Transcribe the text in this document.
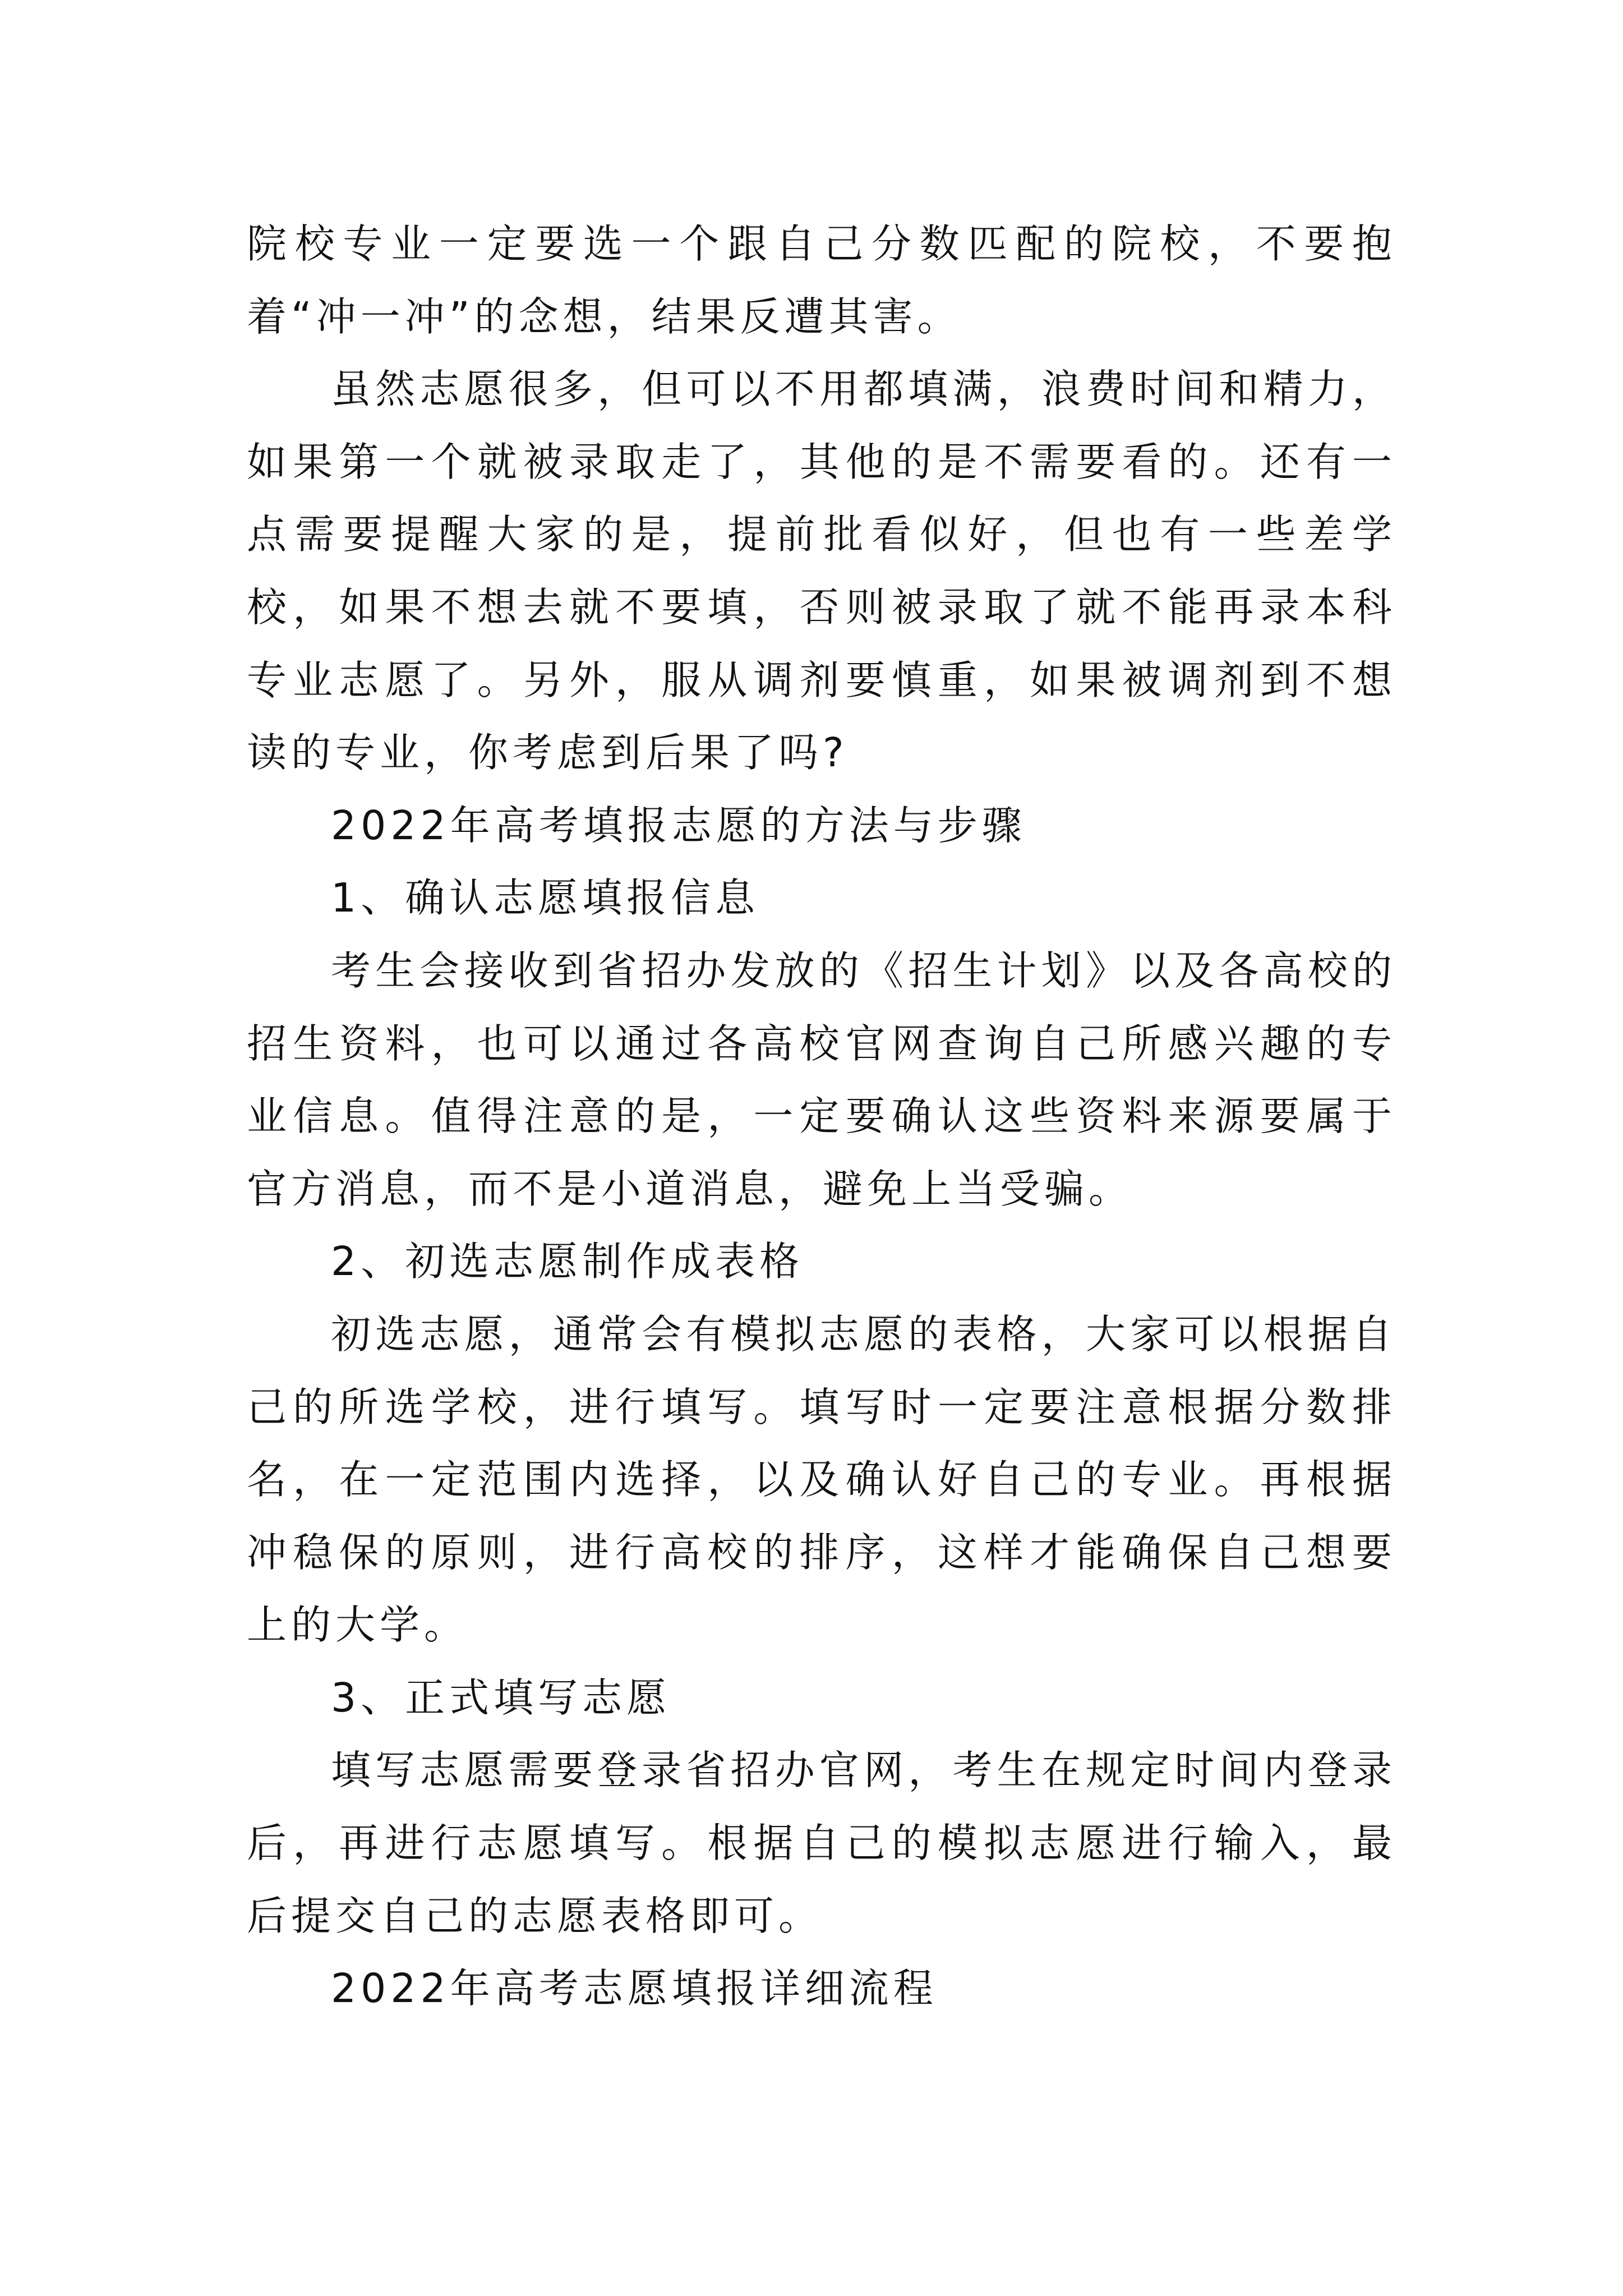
院校专业一定要选一个跟自己分数匹配的院校，不要抱着“冲一冲”的念想，结果反遭其害。

虽然志愿很多，但可以不用都填满，浪费时间和精力，如果第一个就被录取走了，其他的是不需要看的。还有一点需要提醒大家的是，提前批看似好，但也有一些差学校，如果不想去就不要填，否则被录取了就不能再录本科专业志愿了。另外，服从调剂要慎重，如果被调剂到不想读的专业，你考虑到后果了吗?

2022年高考填报志愿的方法与步骤

1、确认志愿填报信息

考生会接收到省招办发放的《招生计划》以及各高校的招生资料，也可以通过各高校官网查询自己所感兴趣的专业信息。值得注意的是，一定要确认这些资料来源要属于官方消息，而不是小道消息，避免上当受骗。

2、初选志愿制作成表格

初选志愿，通常会有模拟志愿的表格，大家可以根据自己的所选学校，进行填写。填写时一定要注意根据分数排名，在一定范围内选择，以及确认好自己的专业。再根据冲稳保的原则，进行高校的排序，这样才能确保自己想要上的大学。

3、正式填写志愿

填写志愿需要登录省招办官网，考生在规定时间内登录后，再进行志愿填写。根据自己的模拟志愿进行输入，最后提交自己的志愿表格即可。

2022年高考志愿填报详细流程
